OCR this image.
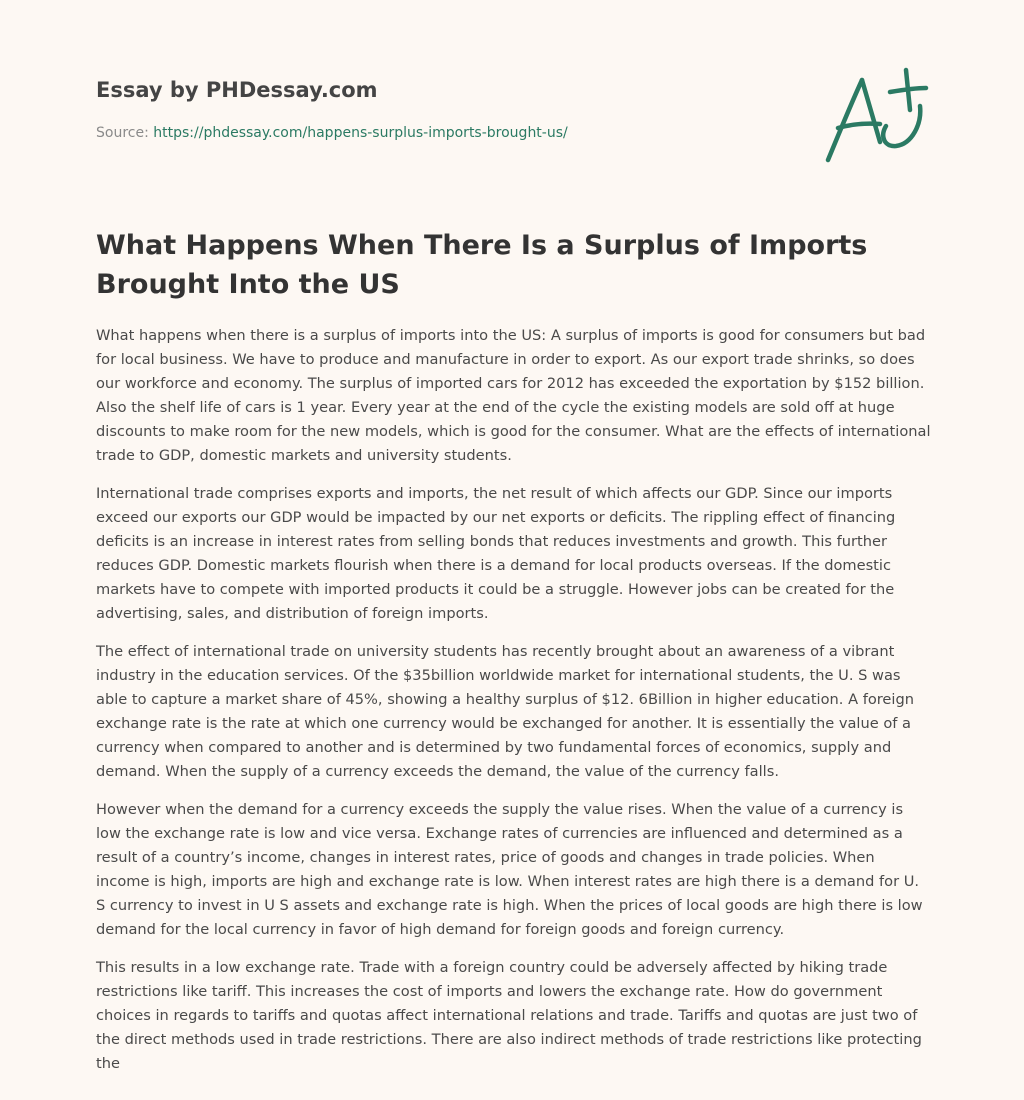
Essay by PHDessay.com
Source: https://phdessay.com/happens-surplus-imports-brought-us/
What Happens When There Is a Surplus of Imports Brought Into the US

What happens when there is a surplus of imports into the US: A surplus of imports is good for consumers but bad for local business. We have to produce and manufacture in order to export. As our export trade shrinks, so does our workforce and economy. The surplus of imported cars for 2012 has exceeded the exportation by $152 billion. Also the shelf life of cars is 1 year. Every year at the end of the cycle the existing models are sold off at huge discounts to make room for the new models, which is good for the consumer. What are the effects of international trade to GDP, domestic markets and university students.

International trade comprises exports and imports, the net result of which affects our GDP. Since our imports exceed our exports our GDP would be impacted by our net exports or deficits. The rippling effect of financing deficits is an increase in interest rates from selling bonds that reduces investments and growth. This further reduces GDP. Domestic markets flourish when there is a demand for local products overseas. If the domestic markets have to compete with imported products it could be a struggle. However jobs can be created for the advertising, sales, and distribution of foreign imports.

The effect of international trade on university students has recently brought about an awareness of a vibrant industry in the education services. Of the $35billion worldwide market for international students, the U. S was able to capture a market share of 45%, showing a healthy surplus of $12. 6Billion in higher education. A foreign exchange rate is the rate at which one currency would be exchanged for another. It is essentially the value of a currency when compared to another and is determined by two fundamental forces of economics, supply and demand. When the supply of a currency exceeds the demand, the value of the currency falls.

However when the demand for a currency exceeds the supply the value rises. When the value of a currency is low the exchange rate is low and vice versa. Exchange rates of currencies are influenced and determined as a result of a country’s income, changes in interest rates, price of goods and changes in trade policies. When income is high, imports are high and exchange rate is low. When interest rates are high there is a demand for U. S currency to invest in U S assets and exchange rate is high. When the prices of local goods are high there is low demand for the local currency in favor of high demand for foreign goods and foreign currency.

This results in a low exchange rate. Trade with a foreign country could be adversely affected by hiking trade restrictions like tariff. This increases the cost of imports and lowers the exchange rate. How do government choices in regards to tariffs and quotas affect international relations and trade. Tariffs and quotas are just two of the direct methods used in trade restrictions. There are also indirect methods of trade restrictions like protecting the
